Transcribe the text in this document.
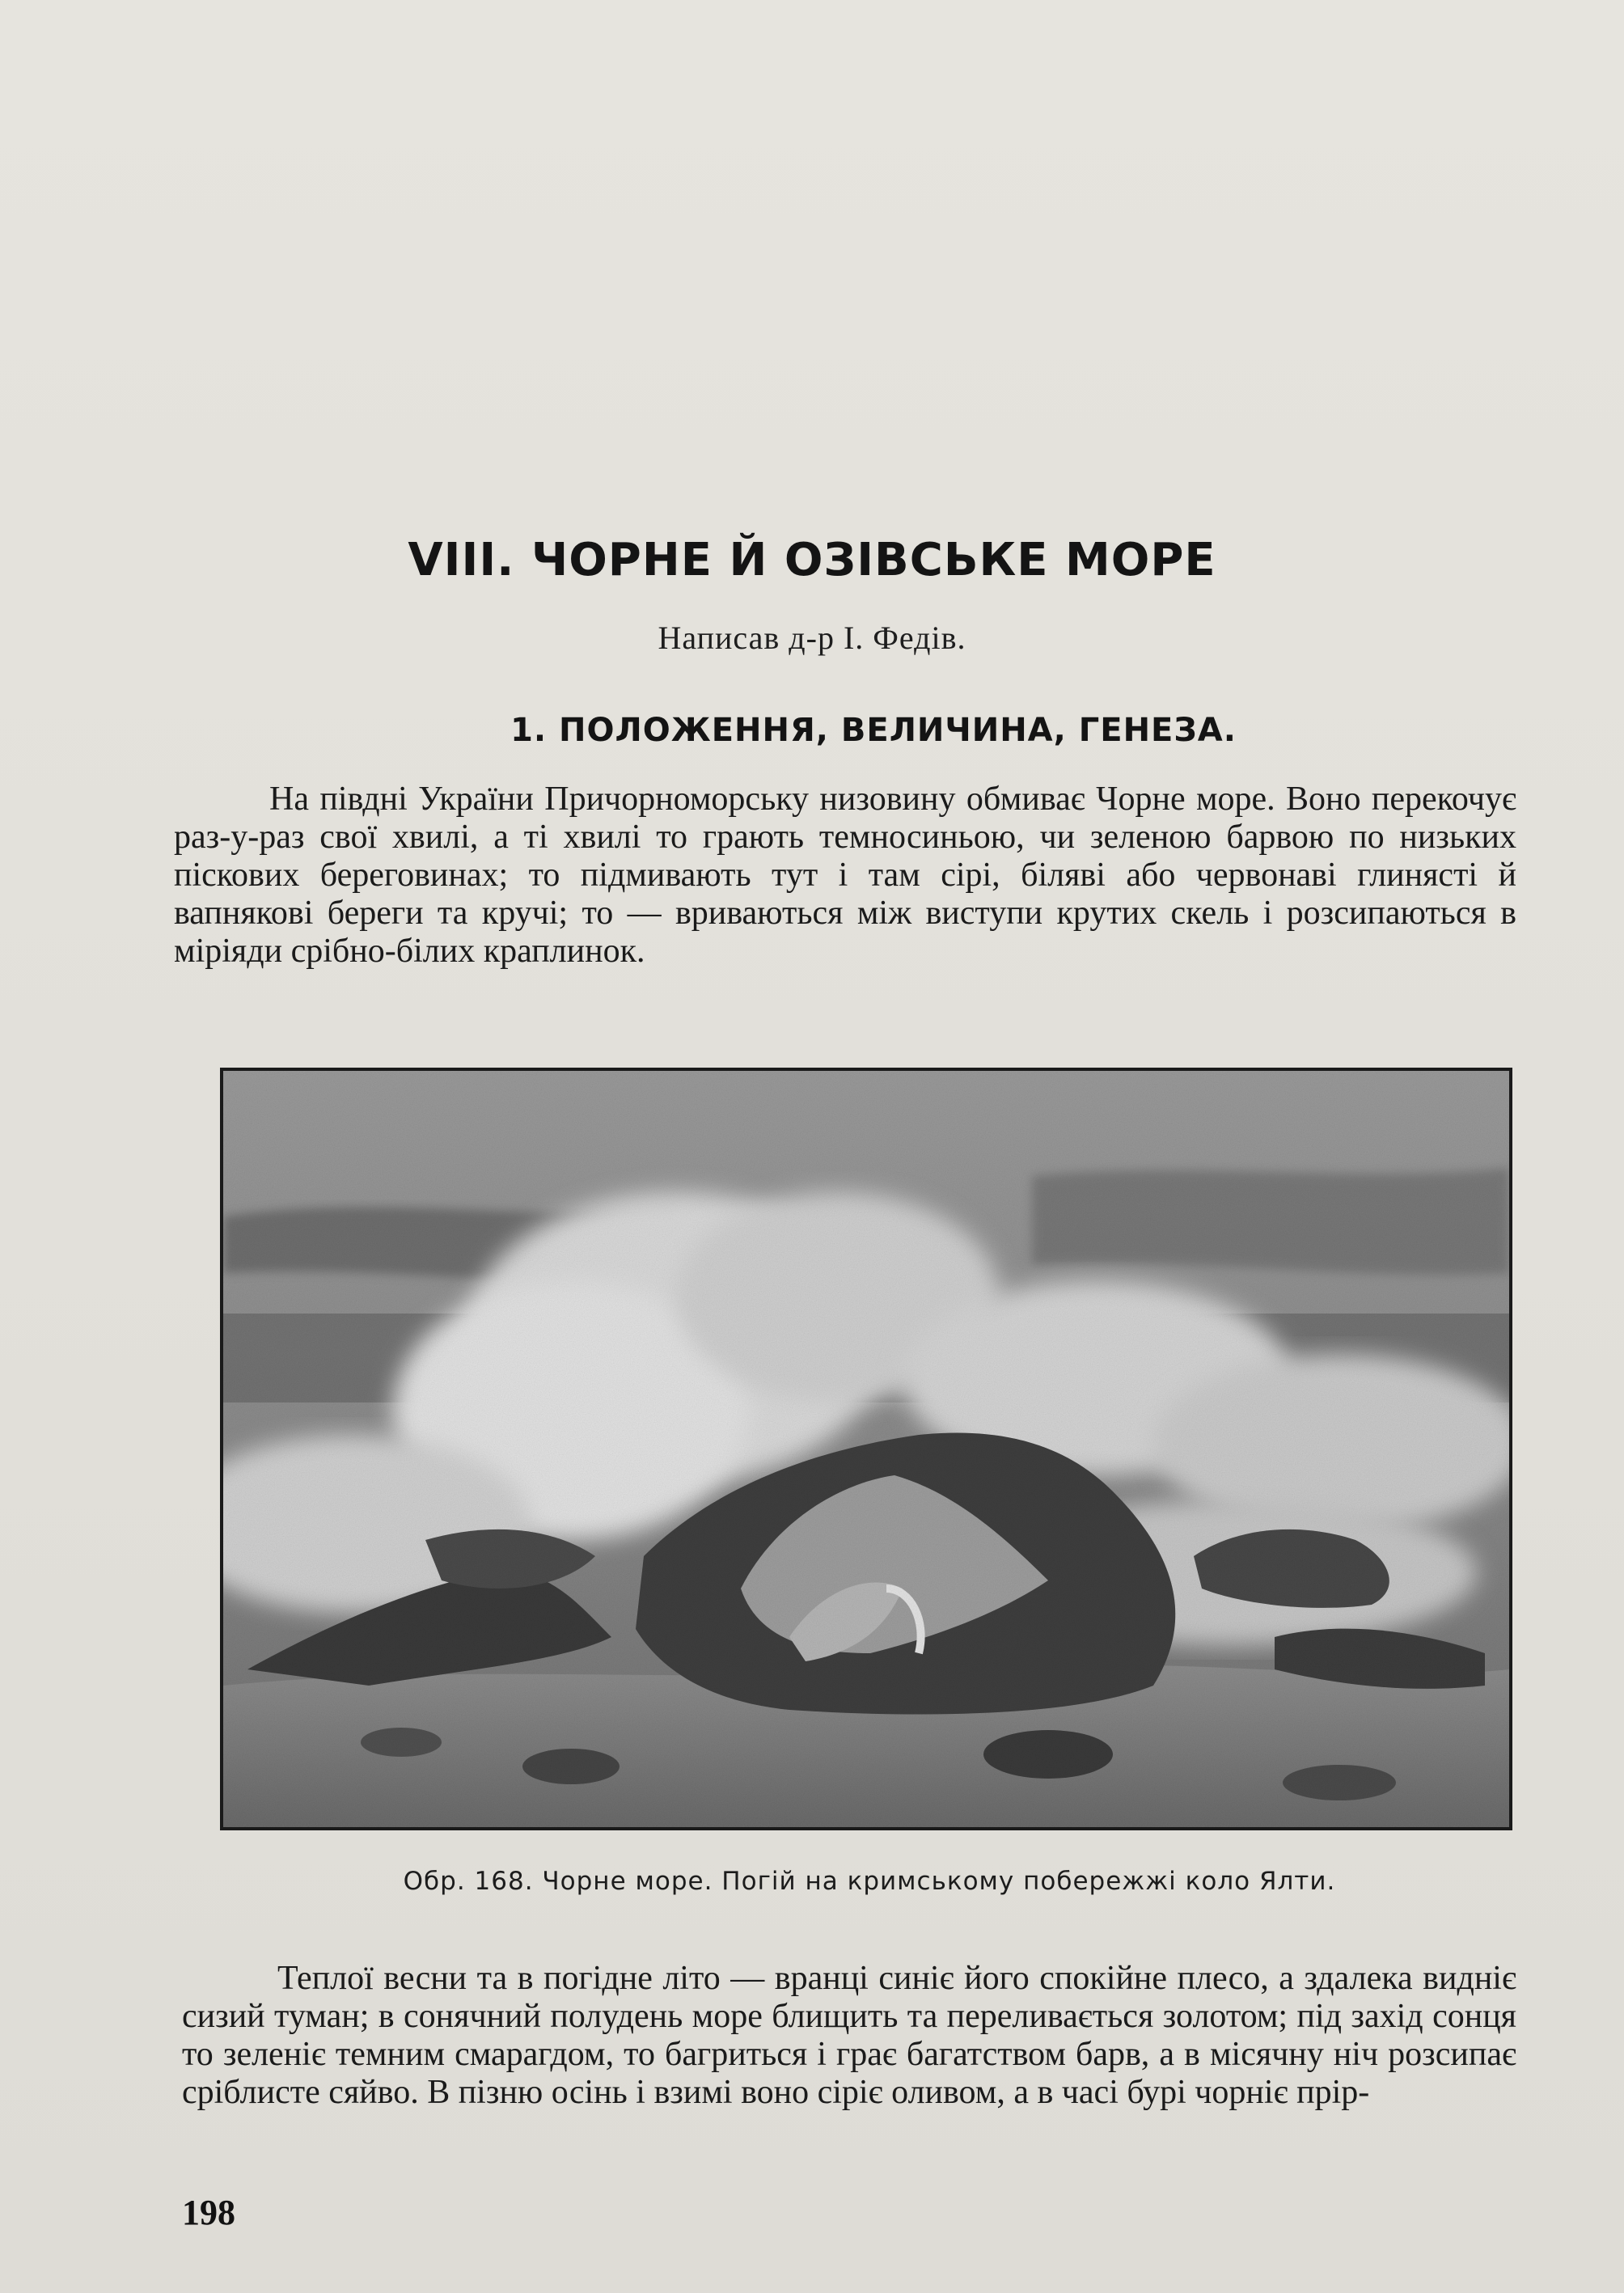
VIII. ЧОРНЕ Й ОЗІВСЬКЕ МОРЕ

Написав д-р І. Федів.

1. ПОЛОЖЕННЯ, ВЕЛИЧИНА, ГЕНЕЗА.

На півдні України Причорноморську низовину обмиває Чорне море. Воно перекочує раз-у-раз свої хвилі, а ті хвилі то грають темносиньою, чи зеленою барвою по низьких піскових береговинах; то підмивають тут і там сірі, біляві або червонаві глинясті й вапнякові береги та кручі; то — вриваються між виступи крутих скель і розсипаються в міріяди срібно-білих краплинок.

Обр. 168. Чорне море. Погій на кримському побережжі коло Ялти.

Теплої весни та в погідне літо — вранці синіє його спокійне плесо, а здалека видніє сизий туман; в сонячний полудень море блищить та переливається золотом; під захід сонця то зеленіє темним смарагдом, то багриться і грає багатством барв, а в місячну ніч розсипає сріблисте сяйво. В пізню осінь і взимі воно сіріє оливом, а в часі бурі чорніє прір-

198
